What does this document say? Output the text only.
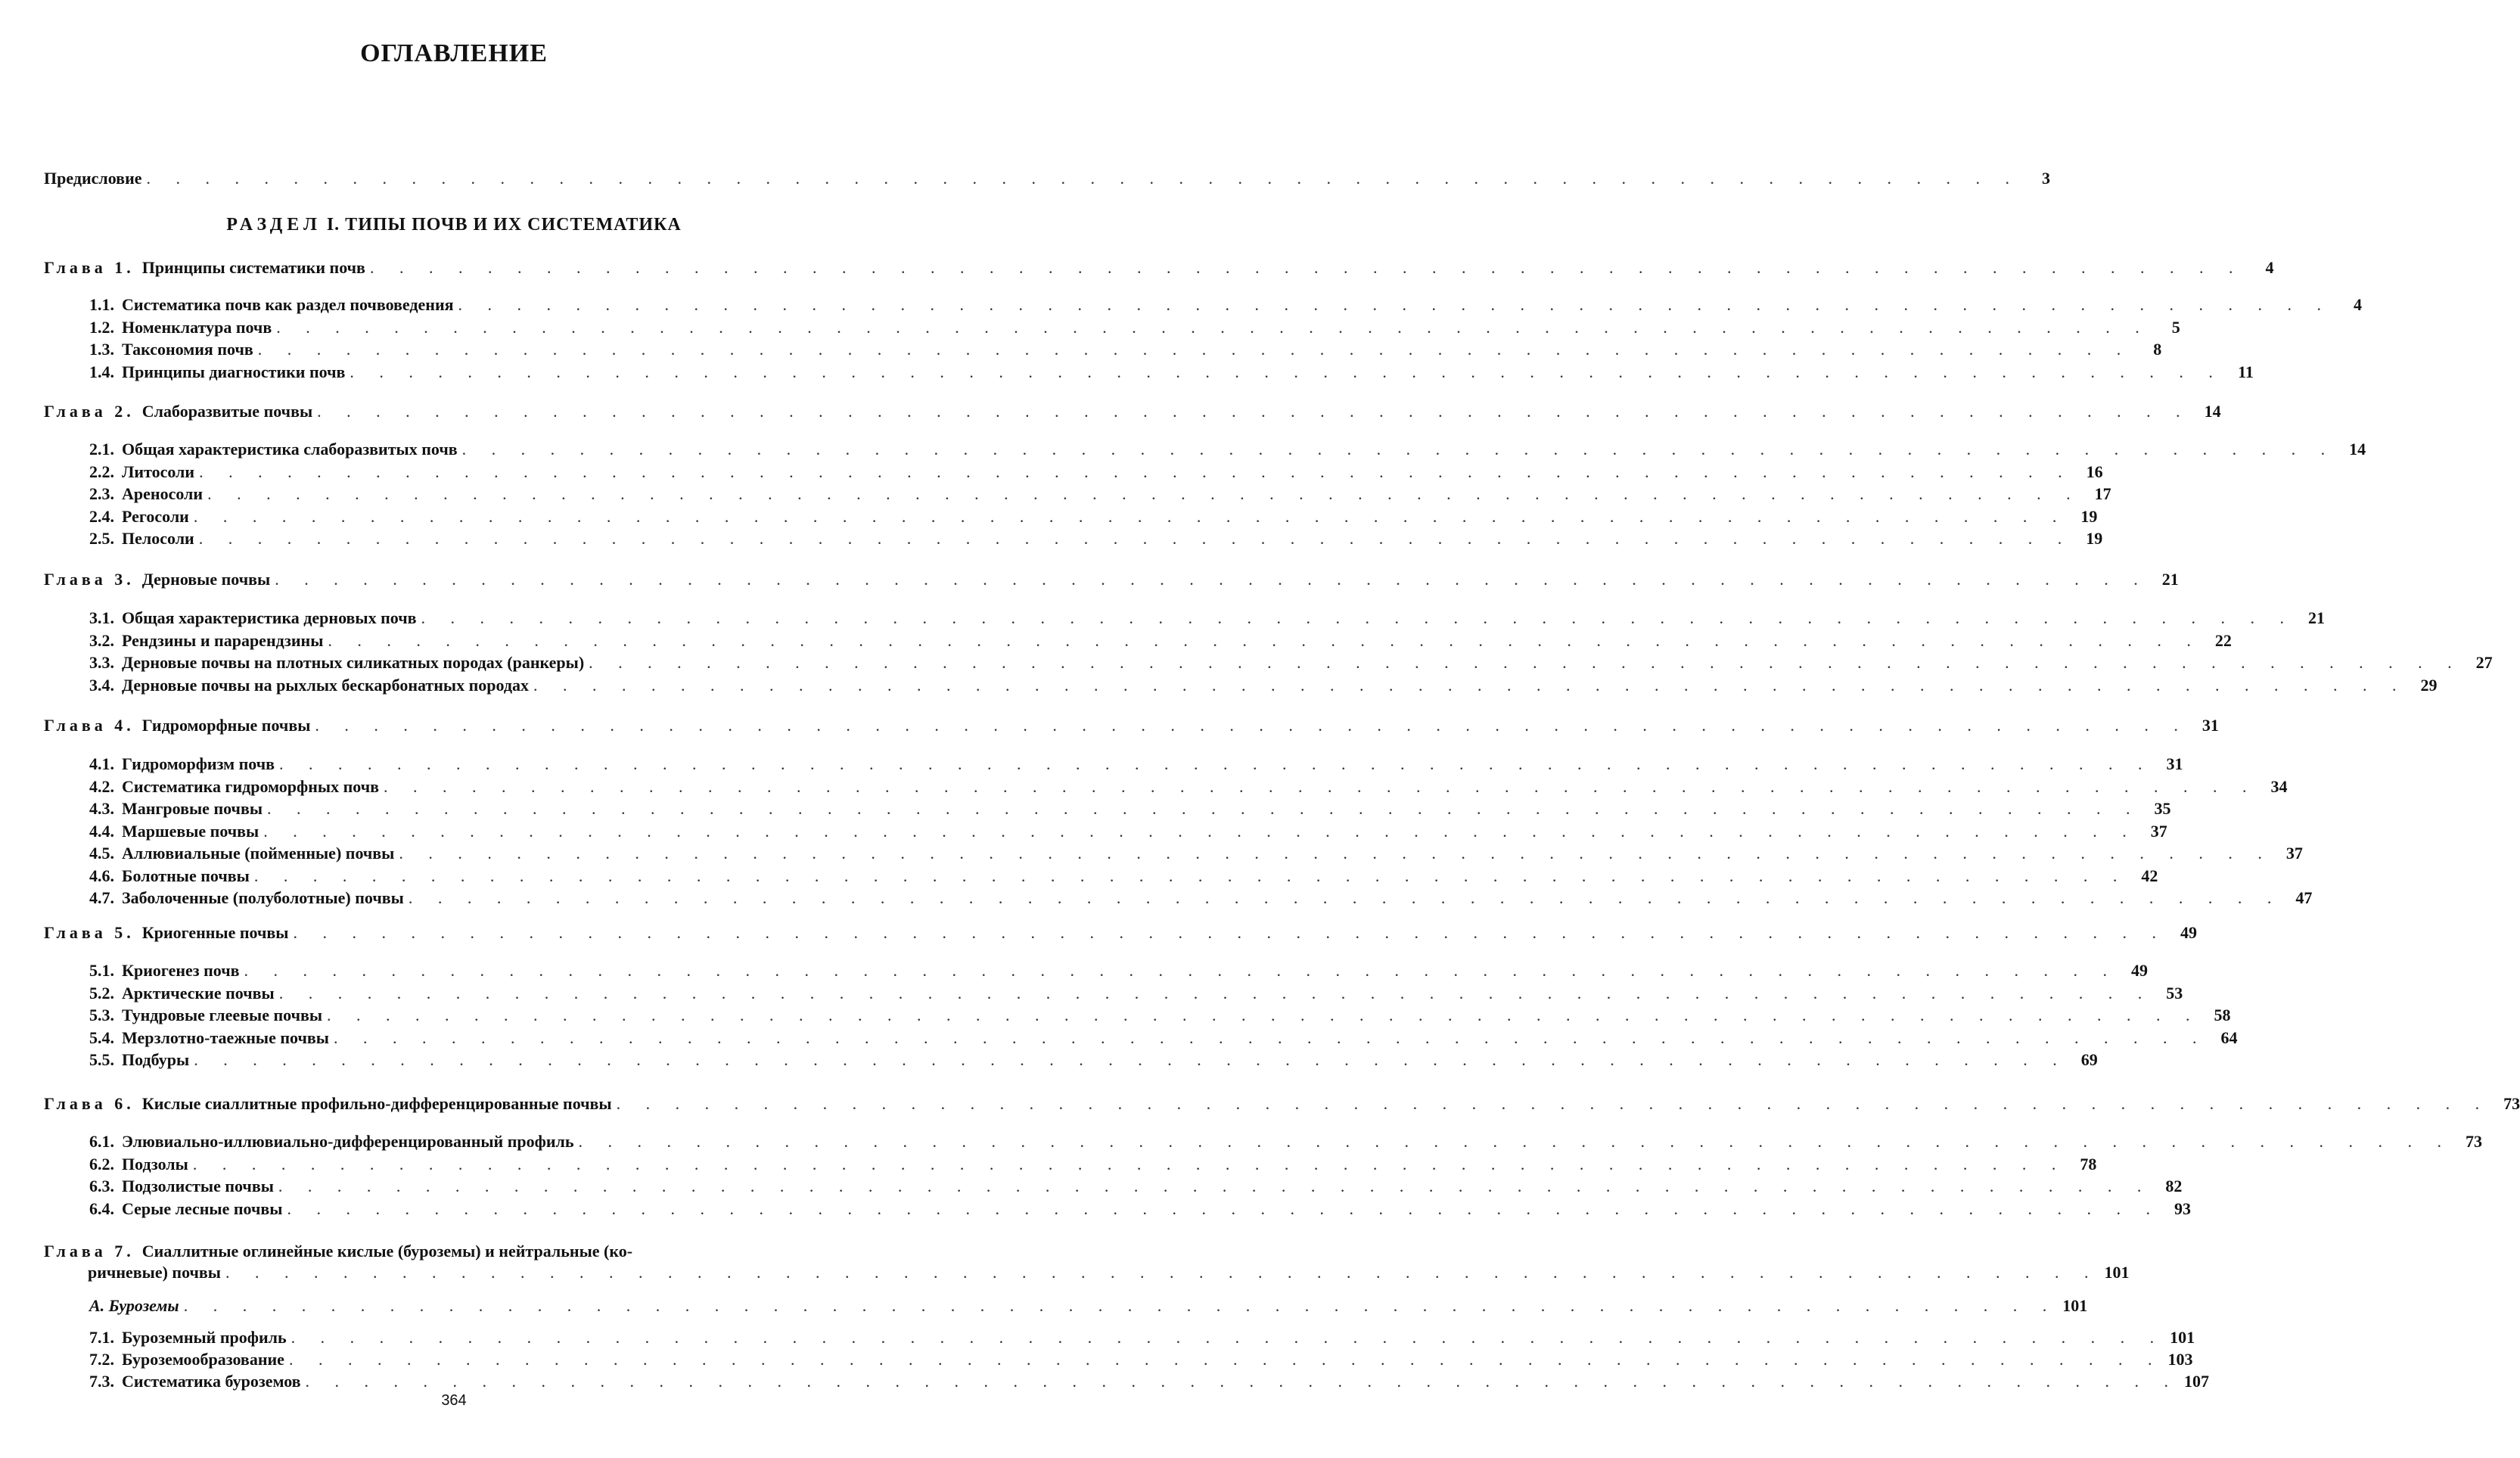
ОГЛАВЛЕНИЕ
Предисловие . . .	3
РАЗДЕЛ I. ТИПЫ ПОЧВ И ИХ СИСТЕМАТИКА
Глава 1. Принципы систематики почв . . .	4
1.1. Систематика почв как раздел почвоведения . . .	4
1.2. Номенклатура почв . . .	5
1.3. Таксономия почв . . .	8
1.4. Принципы диагностики почв . . .	11
Глава 2. Слаборазвитые почвы . . .	14
2.1. Общая характеристика слаборазвитых почв . . .	14
2.2. Литосоли . . .	16
2.3. Ареносоли . . .	17
2.4. Регосоли . . .	19
2.5. Пелосоли . . .	19
Глава 3. Дерновые почвы . . .	21
3.1. Общая характеристика дерновых почв . . .	21
3.2. Рендзины и парарендзины . . .	22
3.3. Дерновые почвы на плотных силикатных породах (ранкеры) . . .	27
3.4. Дерновые почвы на рыхлых бескарбонатных породах . . .	29
Глава 4. Гидроморфные почвы . . .	31
4.1. Гидроморфизм почв . . .	31
4.2. Систематика гидроморфных почв . . .	34
4.3. Мангровые почвы . . .	35
4.4. Маршевые почвы . . .	37
4.5. Аллювиальные (пойменные) почвы . . .	37
4.6. Болотные почвы . . .	42
4.7. Заболоченные (полуболотные) почвы . . .	47
Глава 5. Криогенные почвы . . .	49
5.1. Криогенез почв . . .	49
5.2. Арктические почвы . . .	53
5.3. Тундровые глеевые почвы . . .	58
5.4. Мерзлотно-таежные почвы . . .	64
5.5. Подбуры . . .	69
Глава 6. Кислые сиаллитные профильно-дифференцированные почвы . . .	73
6.1. Элювиально-иллювиально-дифференцированный профиль . . .	73
6.2. Подзолы . . .	78
6.3. Подзолистые почвы . . .	82
6.4. Серые лесные почвы . . .	93
Глава 7. Сиаллитные оглинейные кислые (буроземы) и нейтральные (ко-
ричневые) почвы . . .	101
А. Буроземы . . .	101
7.1. Буроземный профиль . . .	101
7.2. Буроземообразование . . .	103
7.3. Систематика буроземов . . .	107
364
